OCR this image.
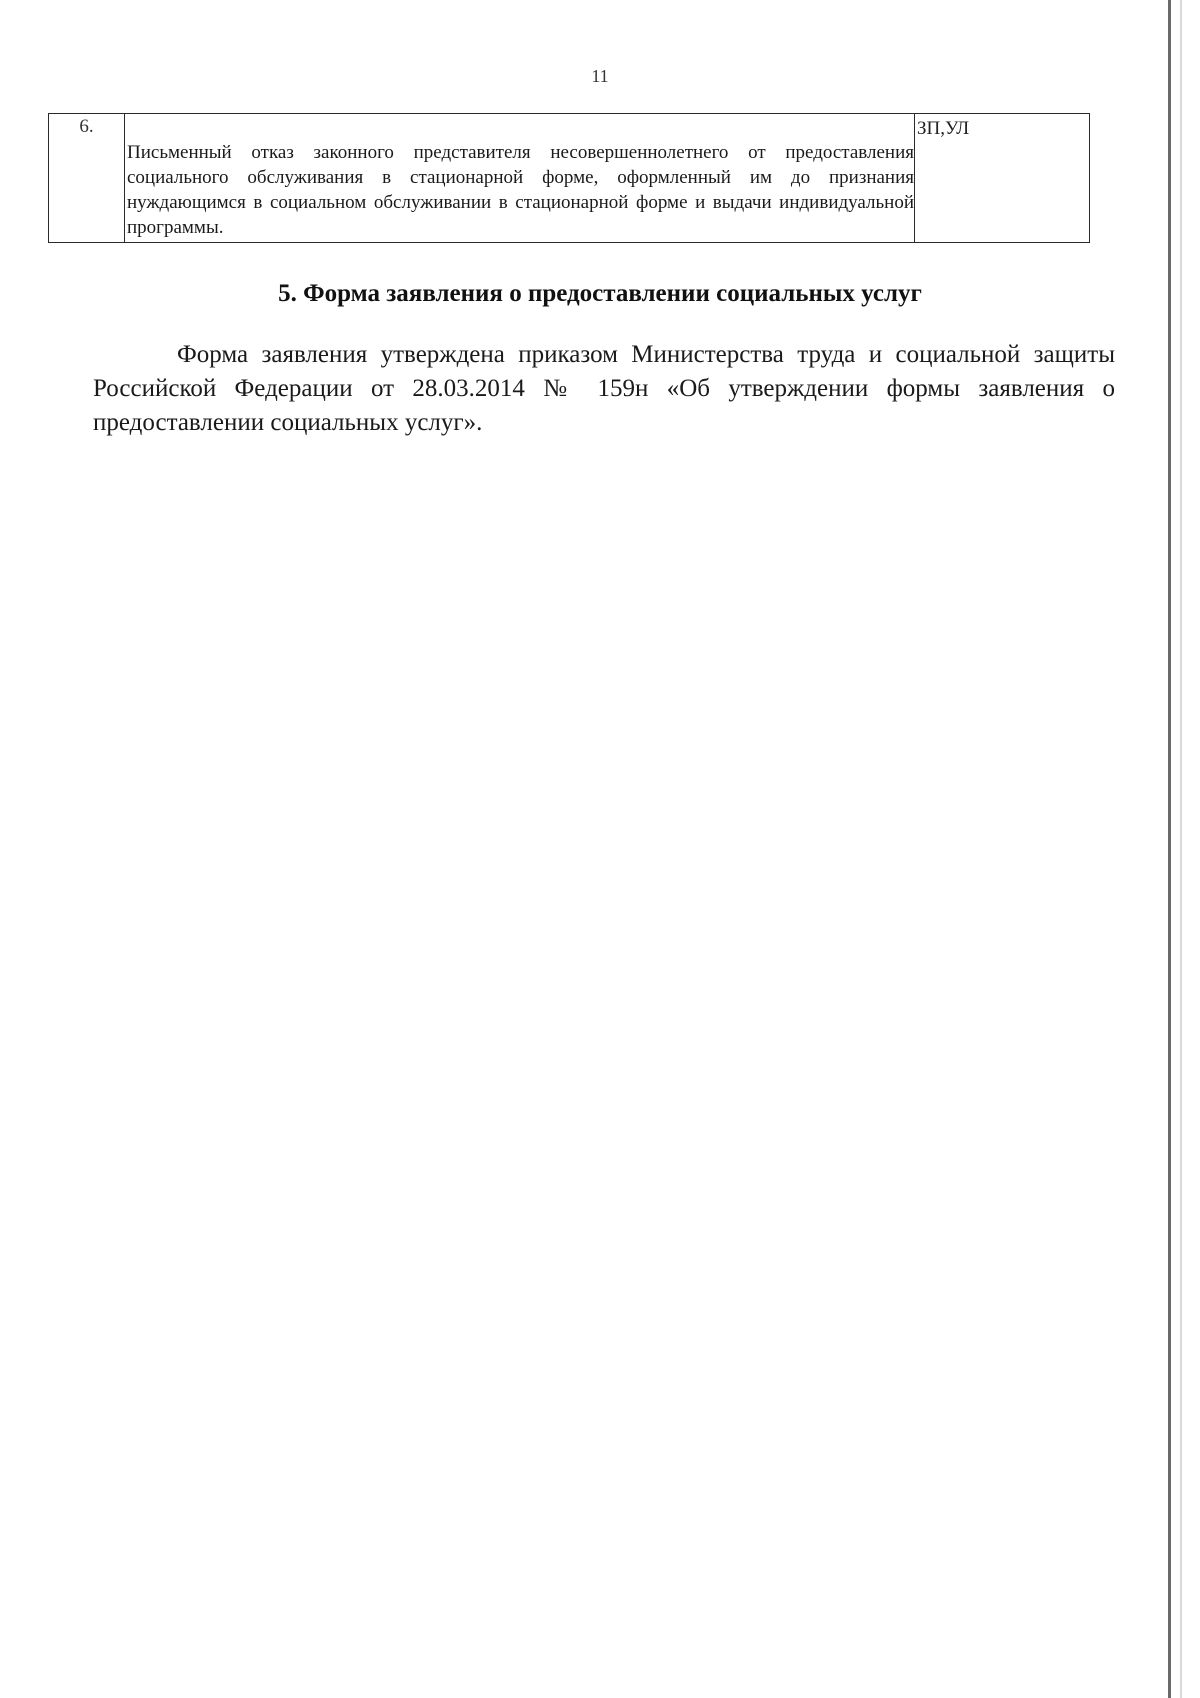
11
6.	Письменный отказ законного представителя несовершеннолетнего от предоставления социального обслуживания в стационарной форме, оформленный им до признания нуждающимся в социальном обслуживании в стационарной форме и выдачи индивидуальной программы.	ЗП,УЛ
5. Форма заявления о предоставлении социальных услуг
Форма заявления утверждена приказом Министерства труда и социальной защиты Российской Федерации от 28.03.2014 № 159н «Об утверждении формы заявления о предоставлении социальных услуг».
